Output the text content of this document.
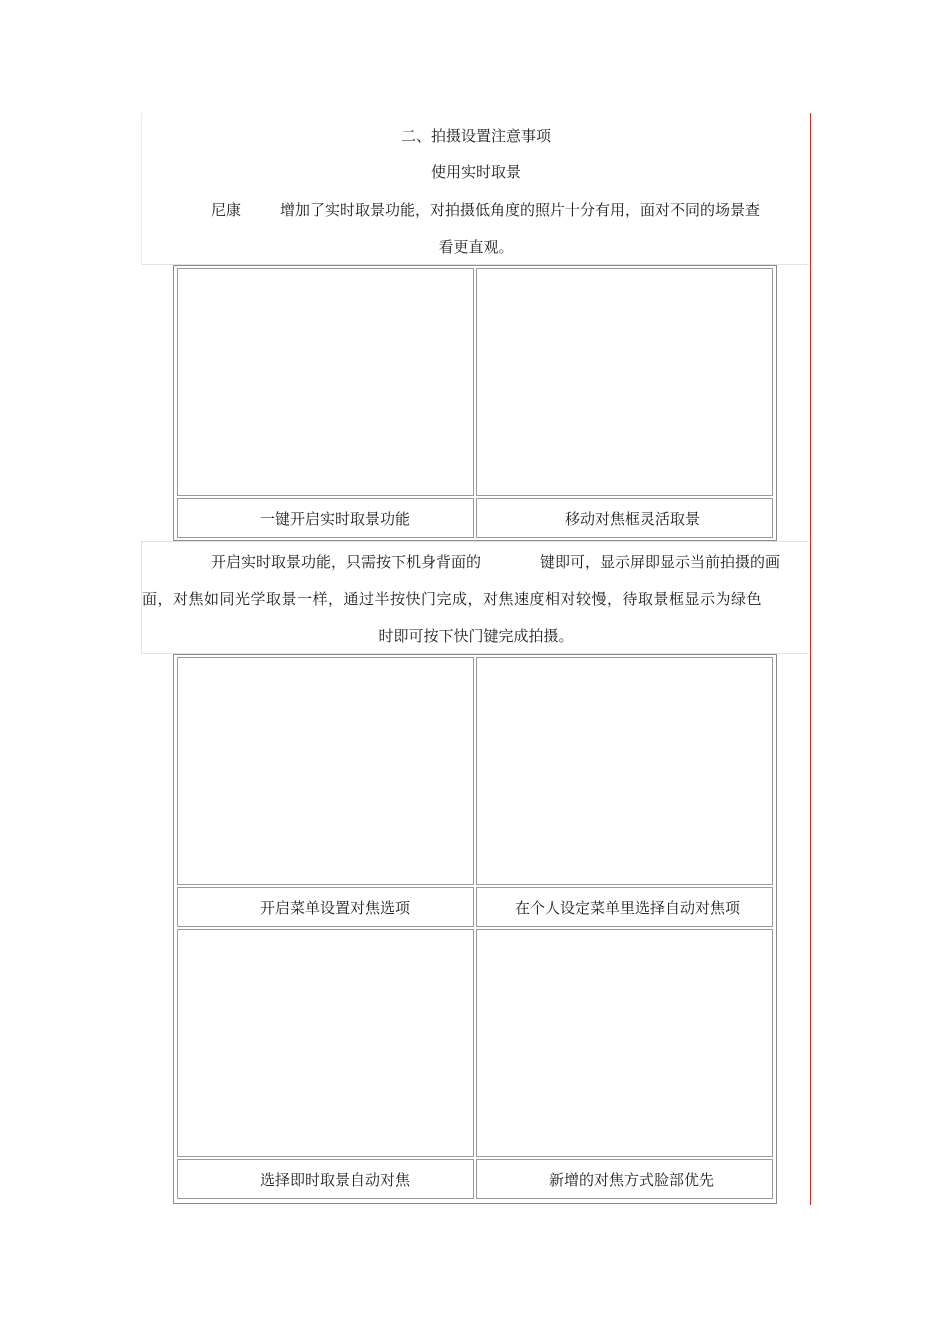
二、拍摄设置注意事项
使用实时取景
尼康	增加了实时取景功能，对拍摄低角度的照片十分有用，面对不同的场景查
看更直观。
一键开启实时取景功能	移动对焦框灵活取景
开启实时取景功能，只需按下机身背面的	键即可，显示屏即显示当前拍摄的画
面，对焦如同光学取景一样，通过半按快门完成，对焦速度相对较慢，待取景框显示为绿色
时即可按下快门键完成拍摄。
开启菜单设置对焦选项	在个人设定菜单里选择自动对焦项
选择即时取景自动对焦	新增的对焦方式脸部优先
